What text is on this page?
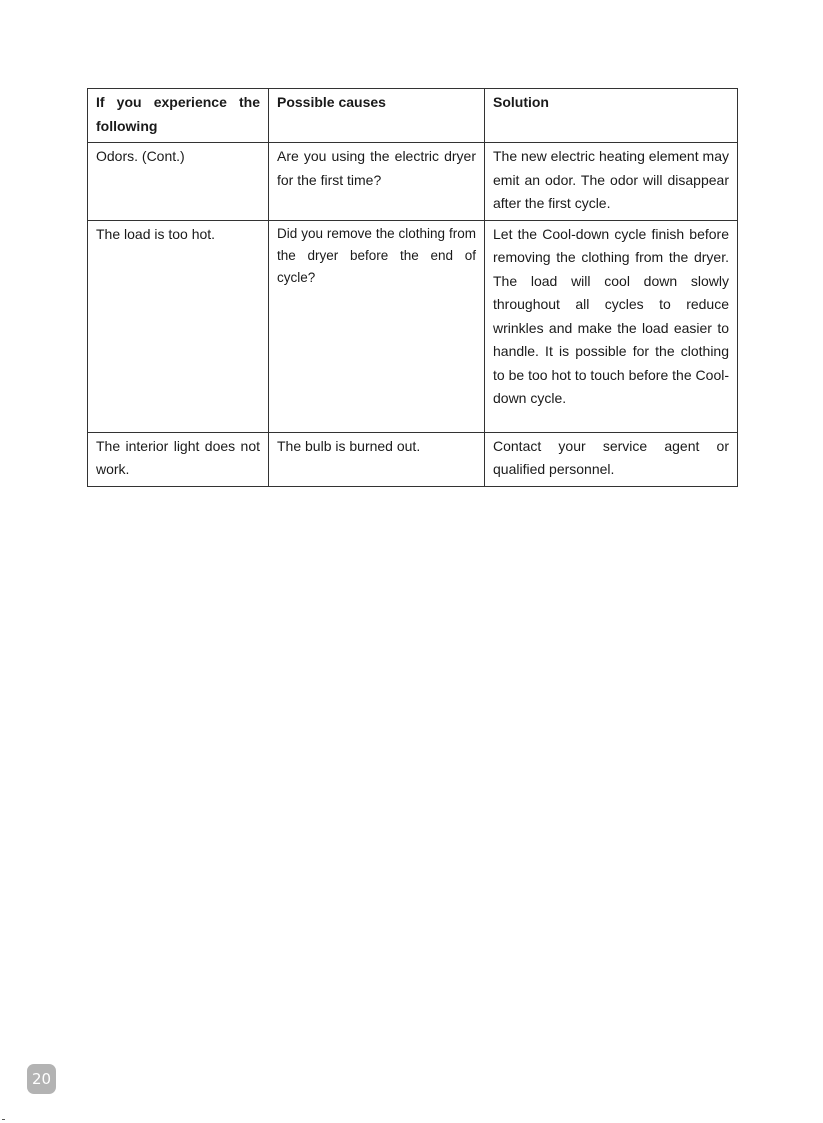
If you experience the following	Possible causes	Solution
Odors. (Cont.)	Are you using the electric dryer for the first time?	The new electric heating element may emit an odor. The odor will disappear after the first cycle.
The load is too hot.	Did you remove the clothing from the dryer before the end of cycle?	Let the Cool-down cycle finish before removing the clothing from the dryer. The load will cool down slowly throughout all cycles to reduce wrinkles and make the load easier to handle. It is possible for the clothing to be too hot to touch before the Cool-down cycle.
The interior light does not work.	The bulb is burned out.	Contact your service agent or qualified personnel.
20
